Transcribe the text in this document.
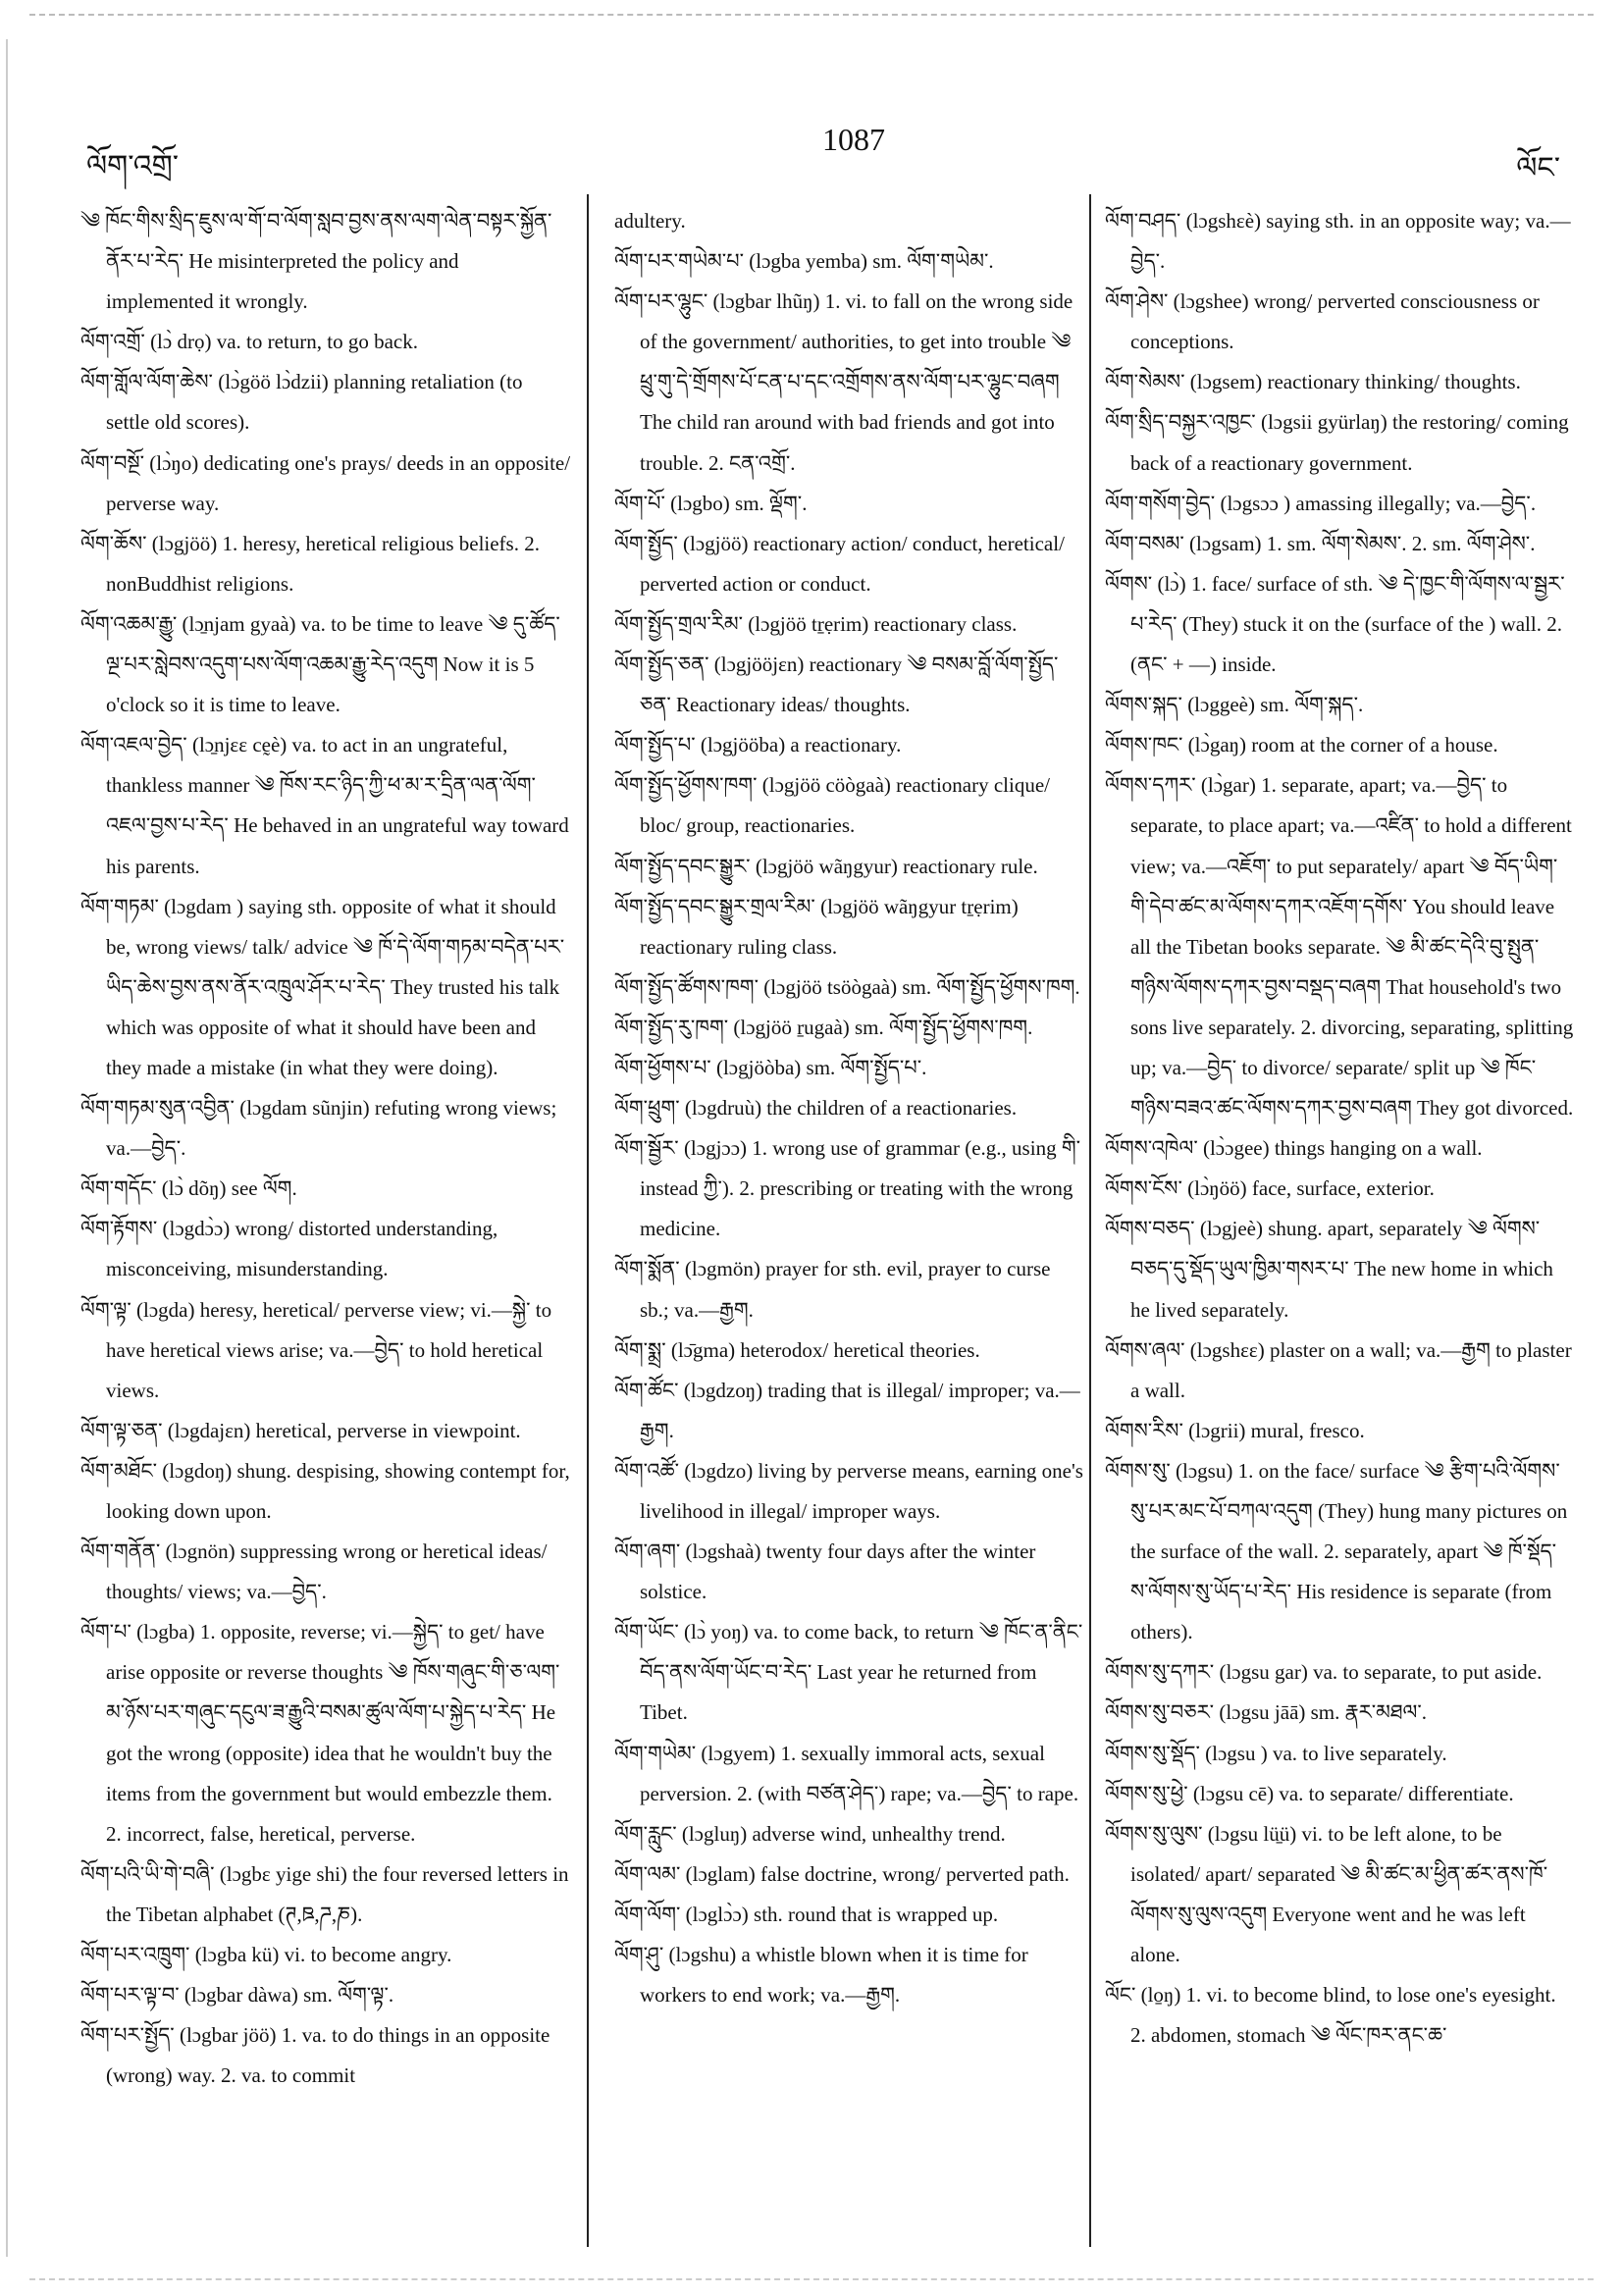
ལོག་འགྲོ་
1087
ལོང་

༄ ཁོང་གིས་སྲིད་ཇུས་ལ་གོ་བ་ལོག་སླབ་བྱས་ནས་ལག་ལེན་བསྟར་སྐྱོན་ནོར་པ་རེད་ He misinterpreted the policy and implemented it wrongly.

ལོག་འགྲོ་ (lɔ̀ drọ) va. to return, to go back.

ལོག་གློལ་ལོག་ཆེས་ (lɔ̀göö lɔ̀dzii) planning retaliation (to settle old scores).

ལོག་བསྔོ་ (lɔ̀ŋo) dedicating one's prays/ deeds in an opposite/ perverse way.

ལོག་ཆོས་ (lɔgjöö) 1. heresy, heretical religious beliefs. 2. nonBuddhist religions.

ལོག་འཆམ་རྒྱུ་ (lɔ̱njam gyaà) va. to be time to leave ༄ དུ་ཚོད་ལྔ་པར་སླེབས་འདུག་པས་ལོག་འཆམ་རྒྱུ་རེད་འདུག Now it is 5 o'clock so it is time to leave.

ལོག་འཇལ་བྱེད་ (lɔ̱njɛɛ cḛè) va. to act in an ungrateful, thankless manner ༄ ཁོས་རང་ཉིད་ཀྱི་ཕ་མ་ར་དྲིན་ལན་ལོག་འཇལ་བྱས་པ་རེད་ He behaved in an ungrateful way toward his parents.

ལོག་གཏམ་ (lɔgdam ) saying sth. opposite of what it should be, wrong views/ talk/ advice ༄ ཁོ་དེ་ལོག་གཏམ་བདེན་པར་ཡིད་ཆེས་བྱས་ནས་ནོར་འཁྲུལ་ཤོར་པ་རེད་ They trusted his talk which was opposite of what it should have been and they made a mistake (in what they were doing).

ལོག་གཏམ་སུན་འབྱིན་ (lɔgdam sũnjin) refuting wrong views; va.—བྱེད་.

ལོག་གདོང་ (lɔ̀ dõŋ) see ལོག.

ལོག་རྟོགས་ (lɔgdɔ̀ɔ) wrong/ distorted understanding, misconceiving, misunderstanding.

ལོག་ལྟ་ (lɔgda) heresy, heretical/ perverse view; vi.—སྐྱེ་ to have heretical views arise; va.—བྱེད་ to hold heretical views.

ལོག་ལྟ་ཅན་ (lɔgdajɛn) heretical, perverse in viewpoint.

ལོག་མཐོང་ (lɔgdoŋ) shung. despising, showing contempt for, looking down upon.

ལོག་གནོན་ (lɔgnön) suppressing wrong or heretical ideas/ thoughts/ views; va.—བྱེད་.

ལོག་པ་ (lɔgba) 1. opposite, reverse; vi.—སྐྱེད་ to get/ have arise opposite or reverse thoughts ༄ ཁོས་གཞུང་གི་ཅ་ལག་མ་ཉོས་པར་གཞུང་དངུལ་ཟ་རྒྱུའི་བསམ་ཚུལ་ལོག་པ་སྐྱེད་པ་རེད་ He got the wrong (opposite) idea that he wouldn't buy the items from the government but would embezzle them. 2. incorrect, false, heretical, perverse.

ལོག་པའི་ཡི་གེ་བཞི་ (lɔgbɛ yige shi) the four reversed letters in the Tibetan alphabet (ཊ,ཋ,ཌ,ཎ).

ལོག་པར་འཁྲུག་ (lɔgba kü) vi. to become angry.

ལོག་པར་ལྟ་བ་ (lɔgbar dàwa) sm. ལོག་ལྟ་.

ལོག་པར་སྤྱོད་ (lɔgbar jöö) 1. va. to do things in an opposite (wrong) way. 2. va. to commit

adultery.

ལོག་པར་གཡེམ་པ་ (lɔgba yemba) sm. ལོག་གཡེམ་.

ལོག་པར་ལྷུང་ (lɔgbar lhũŋ) 1. vi. to fall on the wrong side of the government/ authorities, to get into trouble ༄ ཕྲུ་གུ་དེ་གྲོགས་པོ་ངན་པ་དང་འགྲོགས་ནས་ལོག་པར་ལྷུང་བཞག The child ran around with bad friends and got into trouble. 2. ངན་འགྲོ་.

ལོག་པོ་ (lɔgbo) sm. ལྡོག་.

ལོག་སྤྱོད་ (lɔgjöö) reactionary action/ conduct, heretical/ perverted action or conduct.

ལོག་སྤྱོད་གྲལ་རིམ་ (lɔgjöö tṟẹrim) reactionary class.

ལོག་སྤྱོད་ཅན་ (lɔgjööjɛn) reactionary ༄ བསམ་བློ་ལོག་སྤྱོད་ཅན་ Reactionary ideas/ thoughts.

ལོག་སྤྱོད་པ་ (lɔgjööba) a reactionary.

ལོག་སྤྱོད་ཕྱོགས་ཁག་ (lɔgjöö cöògaà) reactionary clique/ bloc/ group, reactionaries.

ལོག་སྤྱོད་དབང་སྒྱུར་ (lɔgjöö wãŋgyur) reactionary rule.

ལོག་སྤྱོད་དབང་སྒྱུར་གྲལ་རིམ་ (lɔgjöö wãŋgyur tṟẹrim) reactionary ruling class.

ལོག་སྤྱོད་ཚོགས་ཁག་ (lɔgjöö tsöògaà) sm. ལོག་སྤྱོད་ཕྱོགས་ཁག.

ལོག་སྤྱོད་རུ་ཁག་ (lɔgjöö ṟugaà) sm. ལོག་སྤྱོད་ཕྱོགས་ཁག.

ལོག་ཕྱོགས་པ་ (lɔgjöòba) sm. ལོག་སྤྱོད་པ་.

ལོག་ཕྲུག་ (lɔgdruù) the children of a reactionaries.

ལོག་སྦྱོར་ (lɔgjɔɔ) 1. wrong use of grammar (e.g., using གི་ instead ཀྱི་). 2. prescribing or treating with the wrong medicine.

ལོག་སྨོན་ (lɔgmön) prayer for sth. evil, prayer to curse sb.; va.—རྒྱག.

ལོག་སྨྲ་ (lɔ̄gma) heterodox/ heretical theories.

ལོག་ཚོང་ (lɔgdzoŋ) trading that is illegal/ improper; va.—རྒྱག.

ལོག་འཚོ་ (lɔgdzo) living by perverse means, earning one's livelihood in illegal/ improper ways.

ལོག་ཞག་ (lɔgshaà) twenty four days after the winter solstice.

ལོག་ཡོང་ (lɔ̀ yoŋ) va. to come back, to return ༄ ཁོང་ན་ནིང་བོད་ནས་ལོག་ཡོང་བ་རེད་ Last year he returned from Tibet.

ལོག་གཡེམ་ (lɔgyem) 1. sexually immoral acts, sexual perversion. 2. (with བཙན་ཤེད་) rape; va.—བྱེད་ to rape.

ལོག་རླུང་ (lɔgluŋ) adverse wind, unhealthy trend.

ལོག་ལམ་ (lɔglam) false doctrine, wrong/ perverted path.

ལོག་ལོག་ (lɔglɔ̀ɔ) sth. round that is wrapped up.

ལོག་ཤུ་ (lɔgshu) a whistle blown when it is time for workers to end work; va.—རྒྱག.

ལོག་བཤད་ (lɔgshɛè) saying sth. in an opposite way; va.—བྱེད་.

ལོག་ཤེས་ (lɔgshee) wrong/ perverted consciousness or conceptions.

ལོག་སེམས་ (lɔgsem) reactionary thinking/ thoughts.

ལོག་སྲིད་བསྐྱར་འཁྱང་ (lɔgsii gyürlaŋ) the restoring/ coming back of a reactionary government.

ལོག་གསོག་བྱེད་ (lɔgsɔɔ ) amassing illegally; va.—བྱེད་.

ལོག་བསམ་ (lɔgsam) 1. sm. ལོག་སེམས་. 2. sm. ལོག་ཤེས་.

ལོགས་ (lɔ̀) 1. face/ surface of sth. ༄ དེ་ཁྱང་གི་ལོགས་ལ་སྦྱར་པ་རེད་ (They) stuck it on the (surface of the ) wall. 2. (ནང་ + —) inside.

ལོགས་སྐད་ (lɔggeè) sm. ལོག་སྐད་.

ལོགས་ཁང་ (lɔ̀gaŋ) room at the corner of a house.

ལོགས་དཀར་ (lɔ̀gar) 1. separate, apart; va.—བྱེད་ to separate, to place apart; va.—འཛིན་ to hold a different view; va.—འཇོག་ to put separately/ apart ༄ བོད་ཡིག་གི་དེབ་ཚང་མ་ལོགས་དཀར་འཇོག་དགོས་ You should leave all the Tibetan books separate. ༄ མི་ཚང་དེའི་བུ་སྤུན་གཉིས་ལོགས་དཀར་བྱས་བསྡད་བཞག That household's two sons live separately. 2. divorcing, separating, splitting up; va.—བྱེད་ to divorce/ separate/ split up ༄ ཁོང་གཉིས་བཟའ་ཚང་ལོགས་དཀར་བྱས་བཞག They got divorced.

ལོགས་འཁེལ་ (lɔ̀ɔgee) things hanging on a wall.

ལོགས་ངོས་ (lɔ̀ŋöö) face, surface, exterior.

ལོགས་བཅད་ (lɔgjeè) shung. apart, separately ༄ ལོགས་བཅད་དུ་སྡོད་ཡུལ་ཁྱིམ་གསར་པ་ The new home in which he lived separately.

ལོགས་ཞལ་ (lɔgshɛɛ) plaster on a wall; va.—རྒྱག to plaster a wall.

ལོགས་རིས་ (lɔgrii) mural, fresco.

ལོགས་སུ་ (lɔgsu) 1. on the face/ surface ༄ རྩིག་པའི་ལོགས་སུ་པར་མང་པོ་བཀལ་འདུག (They) hung many pictures on the surface of the wall. 2. separately, apart ༄ ཁོ་སྡོད་ས་ལོགས་སུ་ཡོད་པ་རེད་ His residence is separate (from others).

ལོགས་སུ་དཀར་ (lɔgsu gar) va. to separate, to put aside.

ལོགས་སུ་བཅར་ (lɔgsu jāā) sm. རྣར་མཐལ་.

ལོགས་སུ་སྡོད་ (lɔgsu ) va. to live separately.

ལོགས་སུ་ཕྱེ་ (lɔgsu cē) va. to separate/ differentiate.

ལོགས་སུ་ལུས་ (lɔgsu lü̱ü) vi. to be left alone, to be isolated/ apart/ separated ༄ མི་ཚང་མ་ཕྱིན་ཚར་ནས་ཁོ་ལོགས་སུ་ལུས་འདུག Everyone went and he was left alone.

ལོང་ (lo̱ŋ) 1. vi. to become blind, to lose one's eyesight. 2. abdomen, stomach ༄ ལོང་ཁར་ནང་ཆ་
